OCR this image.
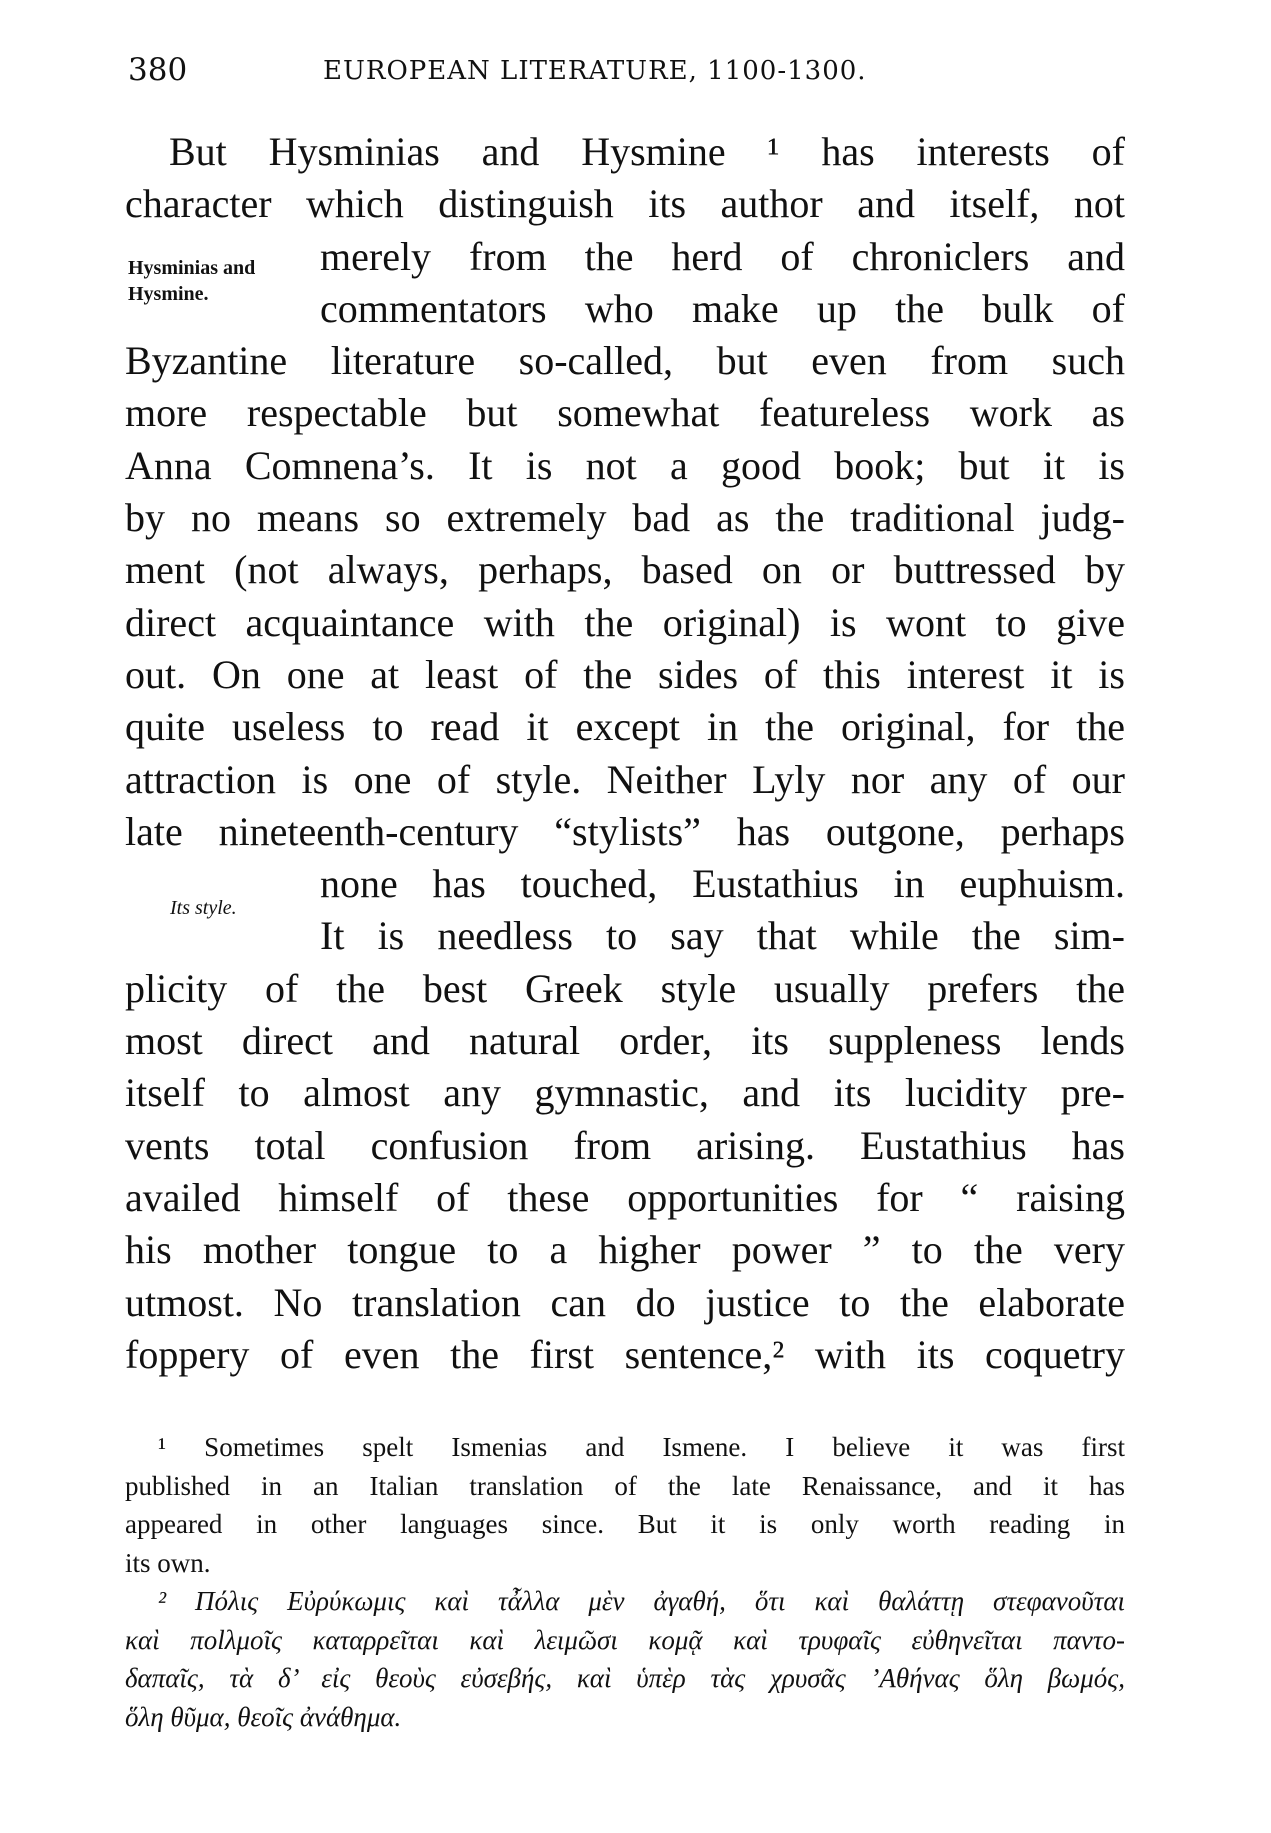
380	EUROPEAN LITERATURE, 1100-1300.
Hysminias and
Hysmine.
Its style.
But Hysminias and Hysmine ¹ has interests of
character which distinguish its author and itself, not
merely from the herd of chroniclers and
commentators who make up the bulk of
Byzantine literature so-called, but even from such
more respectable but somewhat featureless work as
Anna Comnena’s. It is not a good book; but it is
by no means so extremely bad as the traditional judg-
ment (not always, perhaps, based on or buttressed by
direct acquaintance with the original) is wont to give
out. On one at least of the sides of this interest it is
quite useless to read it except in the original, for the
attraction is one of style. Neither Lyly nor any of our
late nineteenth-century “stylists” has outgone, perhaps
none has touched, Eustathius in euphuism.
It is needless to say that while the sim-
plicity of the best Greek style usually prefers the
most direct and natural order, its suppleness lends
itself to almost any gymnastic, and its lucidity pre-
vents total confusion from arising. Eustathius has
availed himself of these opportunities for “ raising
his mother tongue to a higher power ” to the very
utmost. No translation can do justice to the elaborate
foppery of even the first sentence,² with its coquetry
¹ Sometimes spelt Ismenias and Ismene. I believe it was first
published in an Italian translation of the late Renaissance, and it has
appeared in other languages since. But it is only worth reading in
its own.
² Πόλις Εὐρύκωμις καὶ τἆλλα μὲν ἀγαθή, ὅτι καὶ θαλάττῃ στεφανοῦται
καὶ ποlλμοῖς καταρρεῖται καὶ λειμῶσι κομᾷ καὶ τρυφαῖς εὐθηνεῖται παντο-
δαπαῖς, τὰ δ’ εἰς θεοὺς εὐσεβής, καὶ ὑπὲρ τὰς χρυσᾶς ’Αθήνας ὅλη βωμός,
ὅλη θῦμα, θεοῖς ἀνάθημα.
